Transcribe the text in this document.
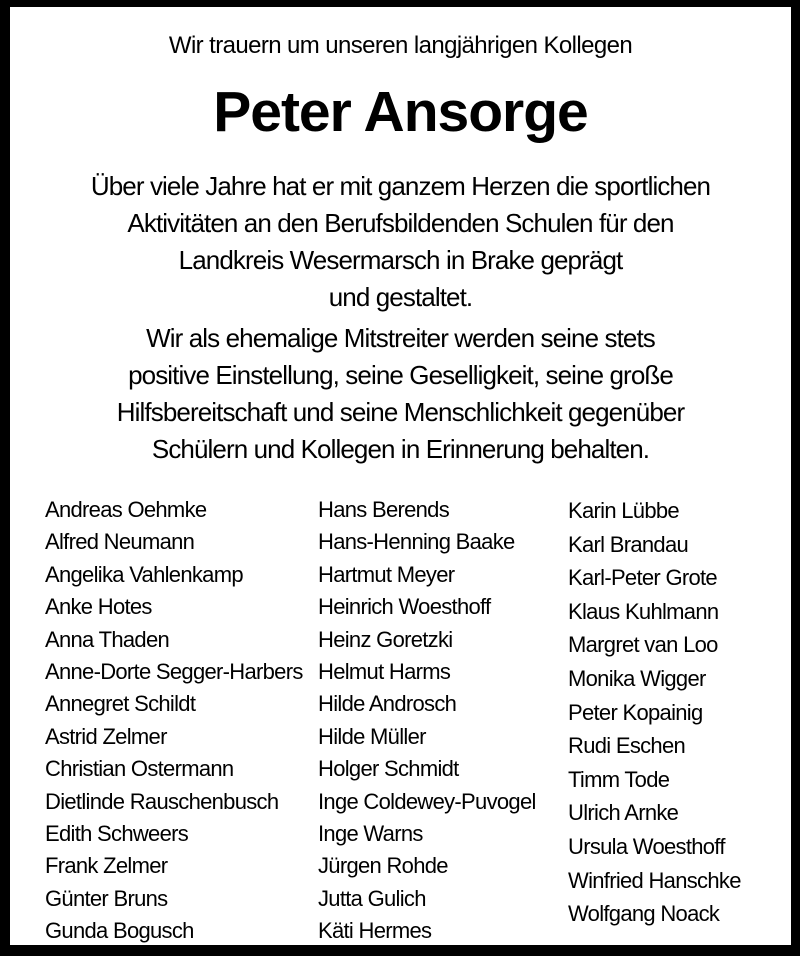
Wir trauern um unseren langjährigen Kollegen
Peter Ansorge
Über viele Jahre hat er mit ganzem Herzen die sportlichen
Aktivitäten an den Berufsbildenden Schulen für den
Landkreis Wesermarsch in Brake geprägt
und gestaltet.
Wir als ehemalige Mitstreiter werden seine stets
positive Einstellung, seine Geselligkeit, seine große
Hilfsbereitschaft und seine Menschlichkeit gegenüber
Schülern und Kollegen in Erinnerung behalten.
Andreas Oehmke
Alfred Neumann
Angelika Vahlenkamp
Anke Hotes
Anna Thaden
Anne-Dorte Segger-Harbers
Annegret Schildt
Astrid Zelmer
Christian Ostermann
Dietlinde Rauschenbusch
Edith Schweers
Frank Zelmer
Günter Bruns
Gunda Bogusch
Hans Berends
Hans-Henning Baake
Hartmut Meyer
Heinrich Woesthoff
Heinz Goretzki
Helmut Harms
Hilde Androsch
Hilde Müller
Holger Schmidt
Inge Coldewey-Puvogel
Inge Warns
Jürgen Rohde
Jutta Gulich
Käti Hermes
Karin Lübbe
Karl Brandau
Karl-Peter Grote
Klaus Kuhlmann
Margret van Loo
Monika Wigger
Peter Kopainig
Rudi Eschen
Timm Tode
Ulrich Arnke
Ursula Woesthoff
Winfried Hanschke
Wolfgang Noack
